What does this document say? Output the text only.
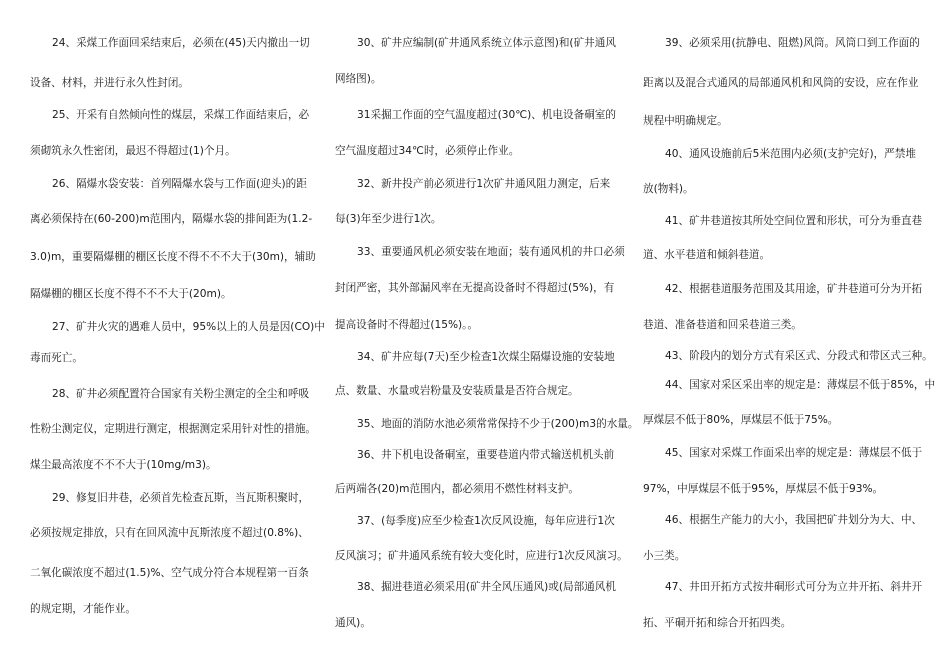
24、采煤工作面回采结束后，必须在(45)天内撤出一切
设备、材料，并进行永久性封闭。
25、开采有自然倾向性的煤层，采煤工作面结束后，必
须砌筑永久性密闭，最迟不得超过(1)个月。
26、隔爆水袋安装：首列隔爆水袋与工作面(迎头)的距
离必须保持在(60-200)m范围内，隔爆水袋的排间距为(1.2-
3.0)m，重要隔爆棚的棚区长度不得不不不大于(30m)，辅助
隔爆棚的棚区长度不得不不不大于(20m)。
27、矿井火灾的遇难人员中，95%以上的人员是因(CO)中
毒而死亡。
28、矿井必须配置符合国家有关粉尘测定的全尘和呼吸
性粉尘测定仪，定期进行测定，根据测定采用针对性的措施。
煤尘最高浓度不不不大于(10mg/m3)。
29、修复旧井巷，必须首先检查瓦斯，当瓦斯积聚时，
必须按规定排放，只有在回风流中瓦斯浓度不超过(0.8%)、
二氧化碳浓度不超过(1.5)%、空气成分符合本规程第一百条
的规定期，才能作业。
30、矿井应编制(矿井通风系统立体示意图)和(矿井通风
网络图)。
31采掘工作面的空气温度超过(30℃)、机电设备硐室的
空气温度超过34℃时，必须停止作业。
32、新井投产前必须进行1次矿井通风阻力测定，后来
每(3)年至少进行1次。
33、重要通风机必须安装在地面；装有通风机的井口必须
封闭严密，其外部漏风率在无提高设备时不得超过(5%)，有
提高设备时不得超过(15%)。。
34、矿井应每(7天)至少检查1次煤尘隔爆设施的安装地
点、数量、水量或岩粉量及安装质量是否符合规定。
35、地面的消防水池必须常常保持不少于(200)m3的水量。
36、井下机电设备硐室，重要巷道内带式输送机机头前
后两端各(20)m范围内，都必须用不燃性材料支护。
37、(每季度)应至少检查1次反风设施，每年应进行1次
反风演习；矿井通风系统有较大变化时，应进行1次反风演习。
38、掘进巷道必须采用(矿井全风压通风)或(局部通风机
通风)。
39、必须采用(抗静电、阻燃)风筒。风筒口到工作面的
距离以及混合式通风的局部通风机和风筒的安设，应在作业
规程中明确规定。
40、通风设施前后5米范围内必须(支护完好)，严禁堆
放(物料)。
41、矿井巷道按其所处空间位置和形状，可分为垂直巷
道、水平巷道和倾斜巷道。
42、根据巷道服务范围及其用途，矿井巷道可分为开拓
巷道、准备巷道和回采巷道三类。
43、阶段内的划分方式有采区式、分段式和带区式三种。
44、国家对采区采出率的规定是：薄煤层不低于85%，中
厚煤层不低于80%，厚煤层不低于75%。
45、国家对采煤工作面采出率的规定是：薄煤层不低于
97%，中厚煤层不低于95%，厚煤层不低于93%。
46、根据生产能力的大小，我国把矿井划分为大、中、
小三类。
47、井田开拓方式按井硐形式可分为立井开拓、斜井开
拓、平硐开拓和综合开拓四类。
